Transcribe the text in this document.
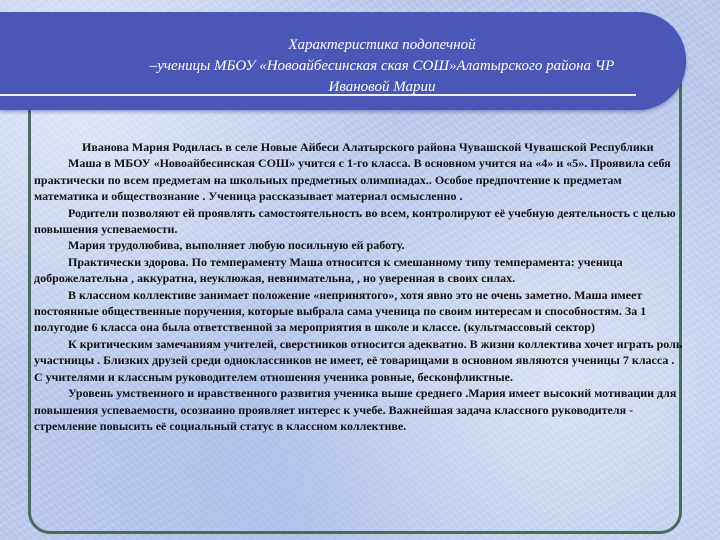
Характеристика подопечной
–ученицы МБОУ «Новоайбесинская ская СОШ»Алатырского района ЧР
Ивановой Марии

Иванова Мария Родилась в селе Новые Айбеси Алатырского района Чувашской Чувашской Республики

Маша в МБОУ «Новоайбесинская СОШ» учится с 1-го класса. В основном учится на «4» и «5». Проявила себя практически по всем предметам на школьных предметных олимпиадах.. Особое предпочтение к предметам математика и обществознание . Ученица рассказывает материал осмысленно .

Родители позволяют ей проявлять самостоятельность во всем, контролируют её учебную деятельность с целью повышения успеваемости.

Мария трудолюбива, выполняет любую посильную ей работу.

Практически здорова. По темпераменту Маша относится к смешанному типу темперамента: ученица доброжелательна , аккуратна, неуклюжая, невнимательна, , но уверенная в своих силах.

В классном коллективе занимает положение «непринятого», хотя явно это не очень заметно. Маша имеет постоянные общественные поручения, которые выбрала сама ученица по своим интересам и способностям. За 1 полугодие 6 класса она была ответственной за мероприятия в школе и классе. (культмассовый сектор)

К критическим замечаниям учителей, сверстников относится адекватно. В жизни коллектива хочет играть роль участницы . Близких друзей среди одноклассников не имеет, её товарищами в основном являются ученицы 7 класса . С учителями и классным руководителем отношения ученика ровные, бесконфликтные.

Уровень умственного и нравственного развития ученика выше среднего .Мария имеет высокий мотивации для повышения успеваемости, осознанно проявляет интерес к учебе. Важнейшая задача классного руководителя - стремление повысить её социальный статус в классном коллективе.
